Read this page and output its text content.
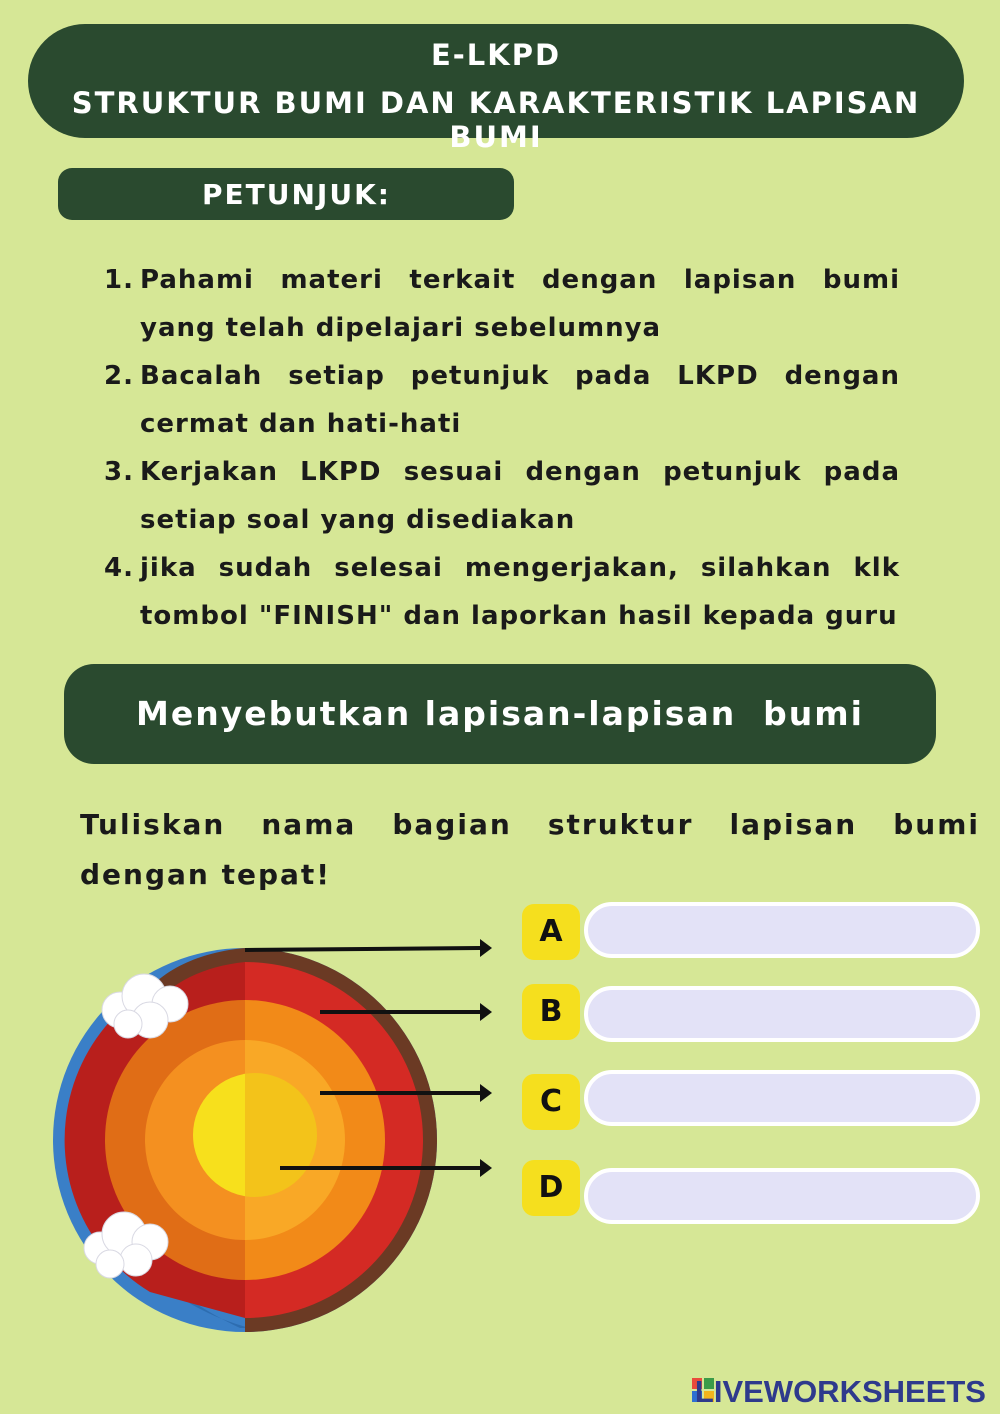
E-LKPD
STRUKTUR BUMI DAN KARAKTERISTIK LAPISAN BUMI
PETUNJUK:
1. Pahami materi terkait dengan lapisan bumi yang telah dipelajari sebelumnya
2. Bacalah setiap petunjuk pada LKPD dengan cermat dan hati-hati
3. Kerjakan LKPD sesuai dengan petunjuk pada setiap soal yang disediakan
4. jika sudah selesai mengerjakan, silahkan klk tombol "FINISH" dan laporkan hasil kepada guru
Menyebutkan lapisan-lapisan  bumi
Tuliskan nama bagian struktur lapisan bumi dengan tepat!
A
B
C
D
LIVEWORKSHEETS
